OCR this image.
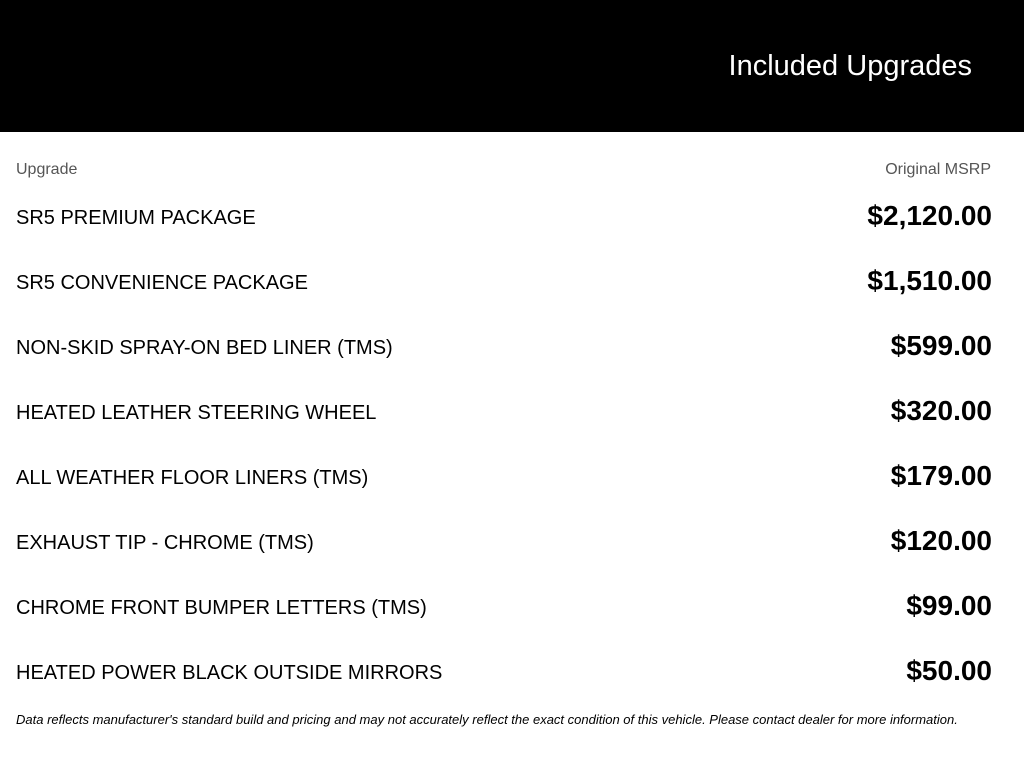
Included Upgrades
Upgrade	Original MSRP
SR5 PREMIUM PACKAGE	$2,120.00
SR5 CONVENIENCE PACKAGE	$1,510.00
NON-SKID SPRAY-ON BED LINER (TMS)	$599.00
HEATED LEATHER STEERING WHEEL	$320.00
ALL WEATHER FLOOR LINERS (TMS)	$179.00
EXHAUST TIP - CHROME (TMS)	$120.00
CHROME FRONT BUMPER LETTERS (TMS)	$99.00
HEATED POWER BLACK OUTSIDE MIRRORS	$50.00
Data reflects manufacturer's standard build and pricing and may not accurately reflect the exact condition of this vehicle. Please contact dealer for more information.
